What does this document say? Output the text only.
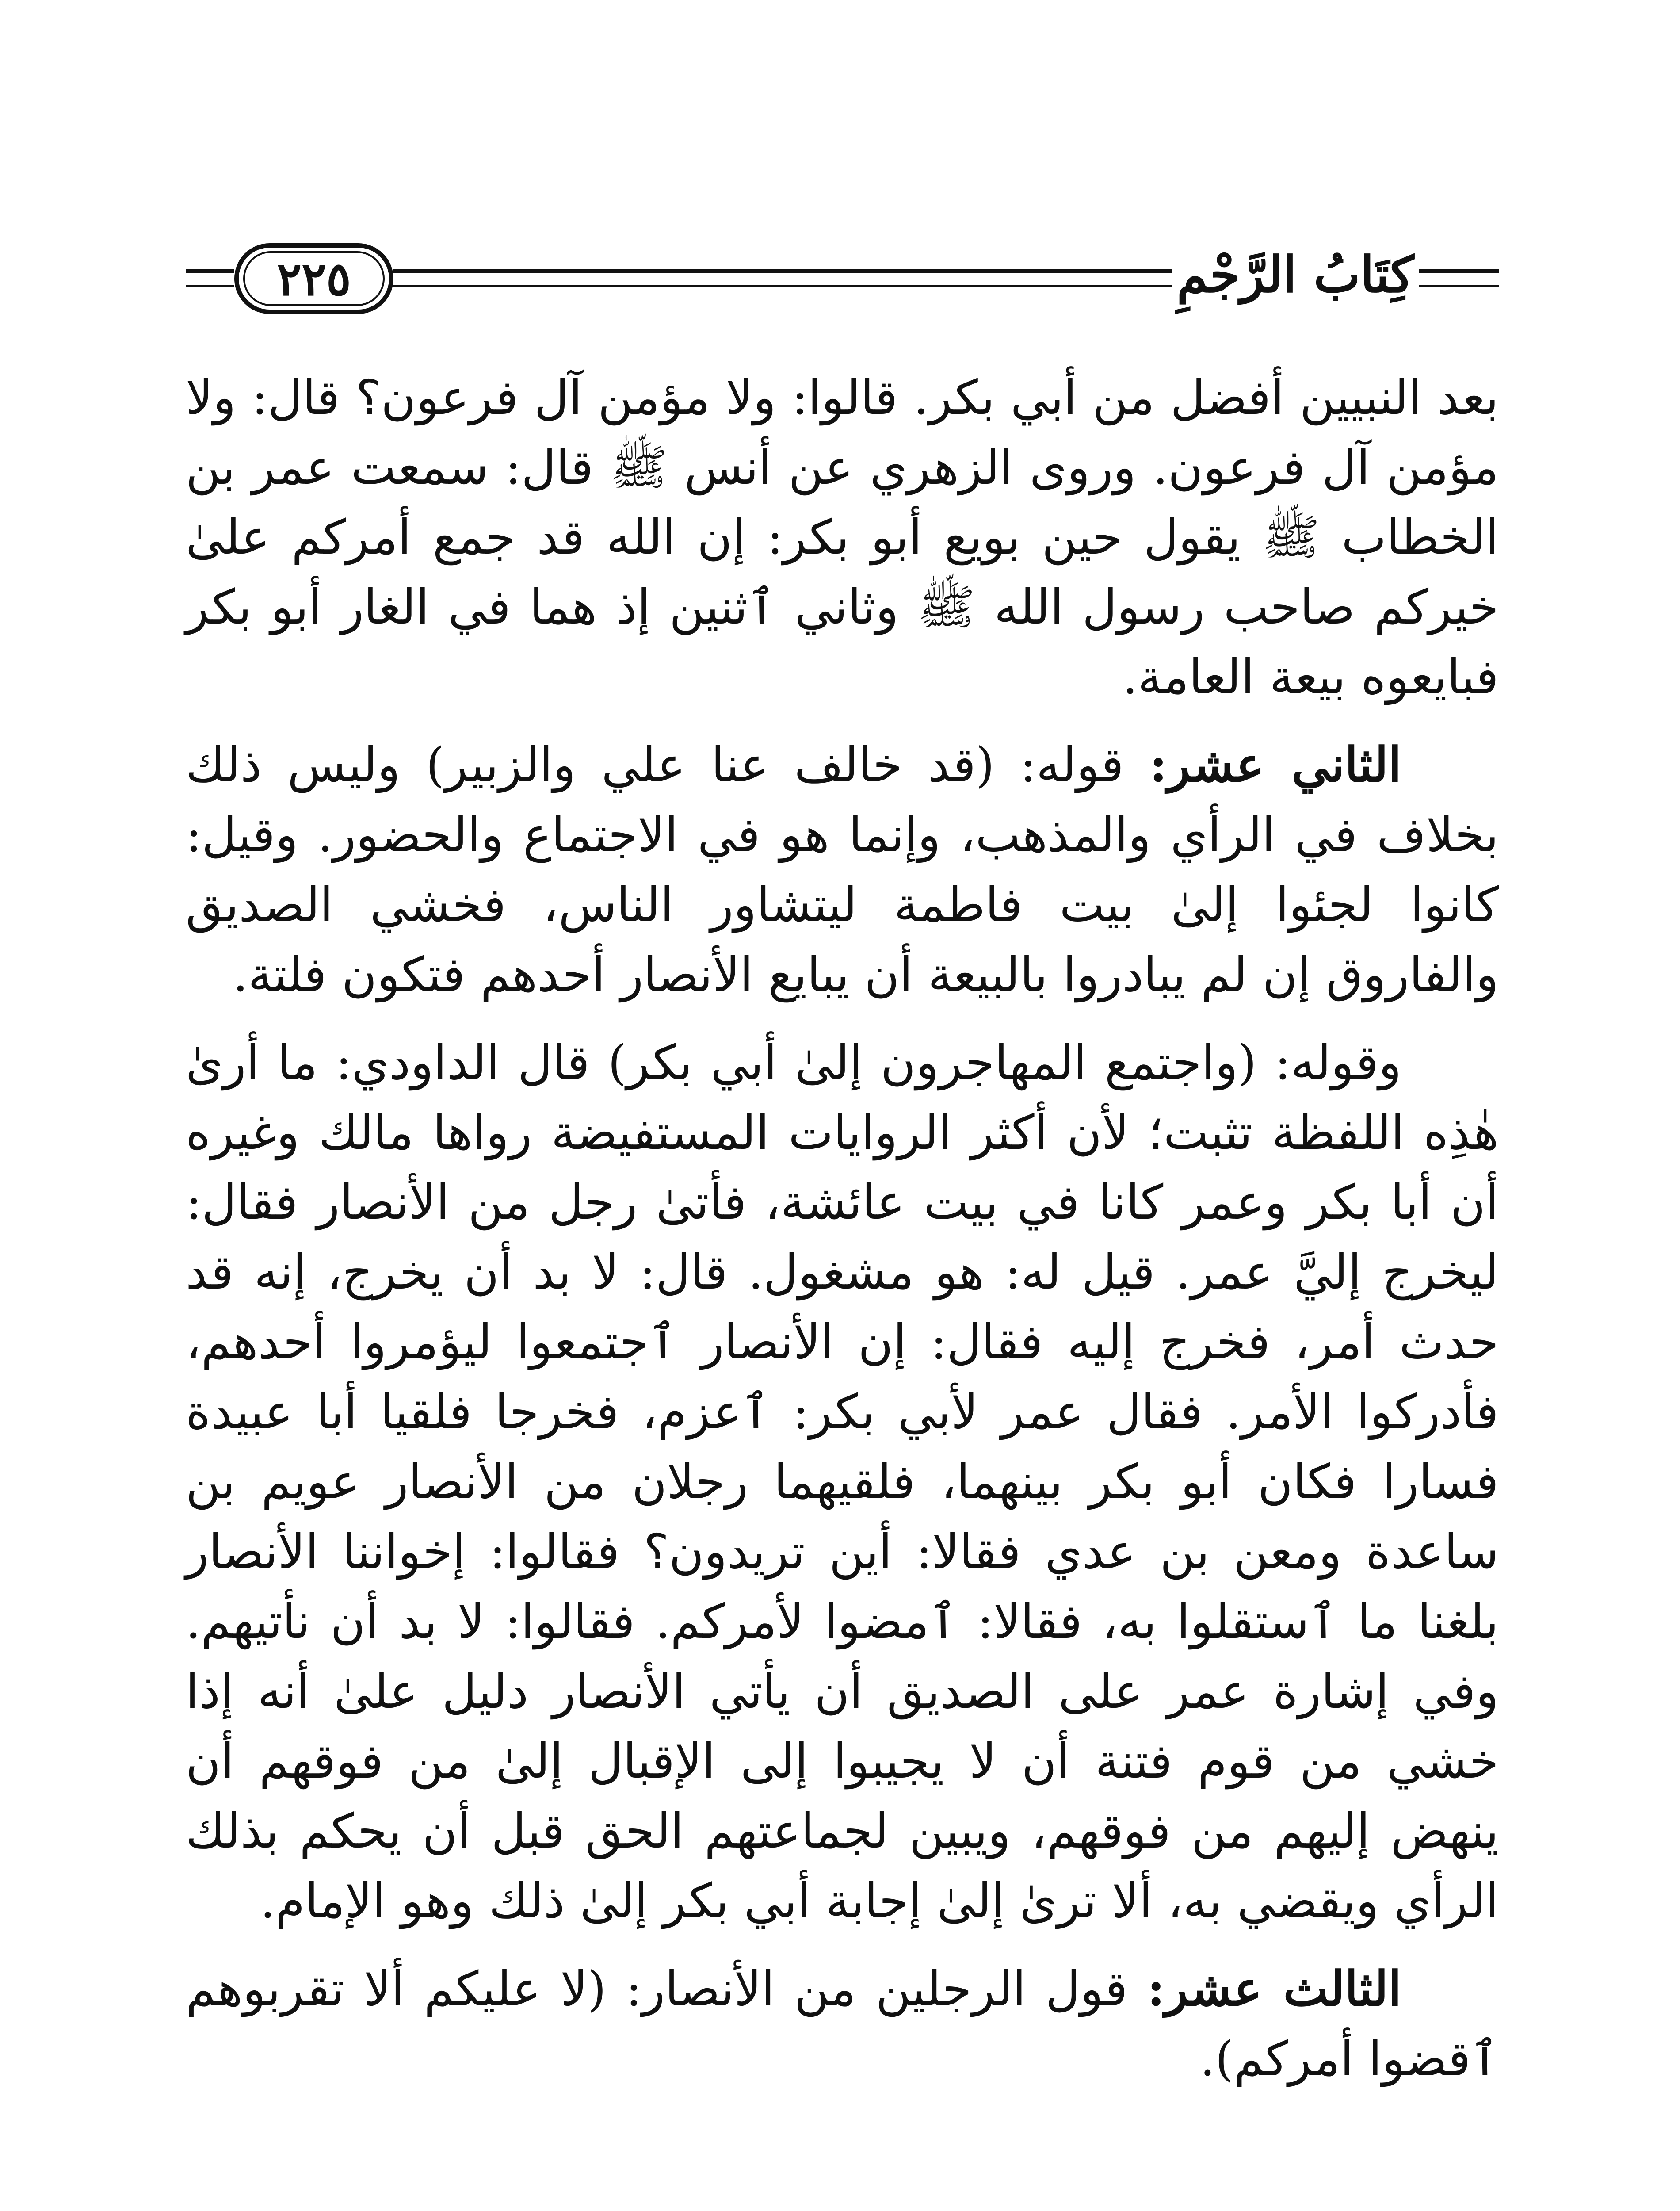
٢٢٥	كِتَابُ الرَّجْمِ

بعد النبيين أفضل من أبي بكر. قالوا: ولا مؤمن آل فرعون؟ قال: ولا مؤمن آل فرعون. وروى الزهري عن أنس ﷺ قال: سمعت عمر بن الخطاب ﷺ يقول حين بويع أبو بكر: إن الله قد جمع أمركم علىٰ خيركم صاحب رسول الله ﷺ وثاني ٱثنين إذ هما في الغار أبو بكر فبايعوه بيعة العامة.

الثاني عشر: قوله: (قد خالف عنا علي والزبير) وليس ذلك بخلاف في الرأي والمذهب، وإنما هو في الاجتماع والحضور. وقيل: كانوا لجئوا إلىٰ بيت فاطمة ليتشاور الناس، فخشي الصديق والفاروق إن لم يبادروا بالبيعة أن يبايع الأنصار أحدهم فتكون فلتة.

وقوله: (واجتمع المهاجرون إلىٰ أبي بكر) قال الداودي: ما أرىٰ هٰذِه اللفظة تثبت؛ لأن أكثر الروايات المستفيضة رواها مالك وغيره أن أبا بكر وعمر كانا في بيت عائشة، فأتىٰ رجل من الأنصار فقال: ليخرج إليَّ عمر. قيل له: هو مشغول. قال: لا بد أن يخرج، إنه قد حدث أمر، فخرج إليه فقال: إن الأنصار ٱجتمعوا ليؤمروا أحدهم، فأدركوا الأمر. فقال عمر لأبي بكر: ٱعزم، فخرجا فلقيا أبا عبيدة فسارا فكان أبو بكر بينهما، فلقيهما رجلان من الأنصار عويم بن ساعدة ومعن بن عدي فقالا: أين تريدون؟ فقالوا: إخواننا الأنصار بلغنا ما ٱستقلوا به، فقالا: ٱمضوا لأمركم. فقالوا: لا بد أن نأتيهم. وفي إشارة عمر على الصديق أن يأتي الأنصار دليل علىٰ أنه إذا خشي من قوم فتنة أن لا يجيبوا إلى الإقبال إلىٰ من فوقهم أن ينهض إليهم من فوقهم، ويبين لجماعتهم الحق قبل أن يحكم بذلك الرأي ويقضي به، ألا ترىٰ إلىٰ إجابة أبي بكر إلىٰ ذلك وهو الإمام.

الثالث عشر: قول الرجلين من الأنصار: (لا عليكم ألا تقربوهم ٱقضوا أمركم).
